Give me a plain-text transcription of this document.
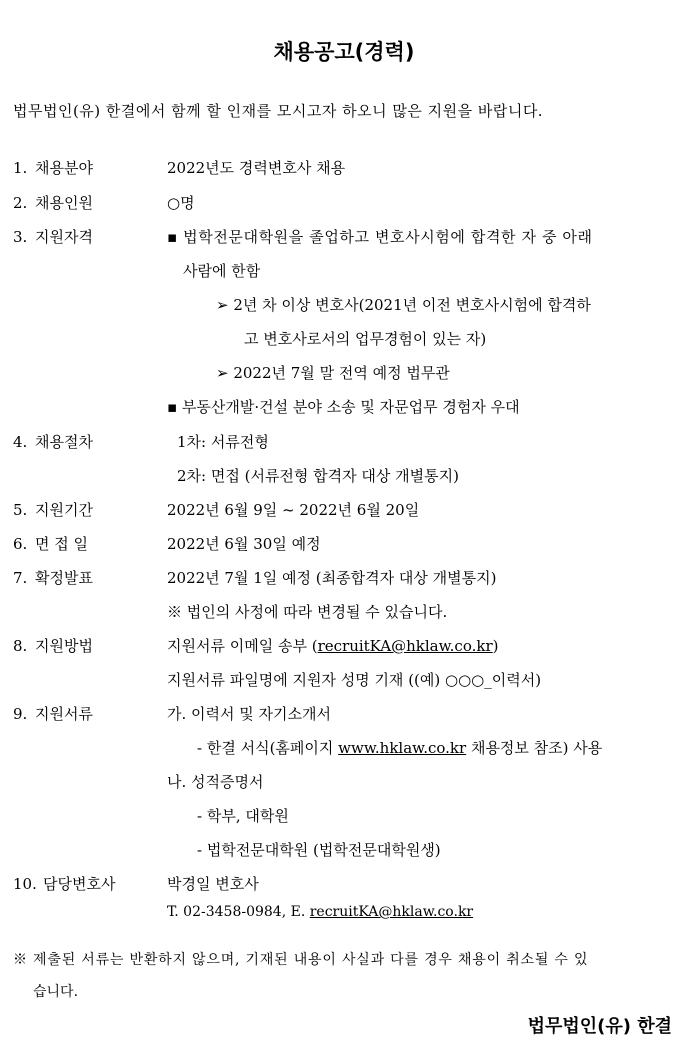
채용공고(경력)
법무법인(유) 한결에서 함께 할 인재를 모시고자 하오니 많은 지원을 바랍니다.
1. 채용분야	2022년도 경력변호사 채용
2. 채용인원	○명
3. 지원자격	▪ 법학전문대학원을 졸업하고 변호사시험에 합격한 자 중 아래
사람에 한함
➢ 2년 차 이상 변호사(2021년 이전 변호사시험에 합격하
고 변호사로서의 업무경험이 있는 자)
➢ 2022년 7월 말 전역 예정 법무관
▪ 부동산개발·건설 분야 소송 및 자문업무 경험자 우대
4. 채용절차	1차: 서류전형
2차: 면접 (서류전형 합격자 대상 개별통지)
5. 지원기간	2022년 6월 9일 ~ 2022년 6월 20일
6. 면 접 일	2022년 6월 30일 예정
7. 확정발표	2022년 7월 1일 예정 (최종합격자 대상 개별통지)
※ 법인의 사정에 따라 변경될 수 있습니다.
8. 지원방법	지원서류 이메일 송부 (recruitKA@hklaw.co.kr)
지원서류 파일명에 지원자 성명 기재 ((예) ○○○_이력서)
9. 지원서류	가. 이력서 및 자기소개서
- 한결 서식(홈페이지 www.hklaw.co.kr 채용정보 참조) 사용
나. 성적증명서
- 학부, 대학원
- 법학전문대학원 (법학전문대학원생)
10. 담당변호사	박경일 변호사
T. 02-3458-0984, E. recruitKA@hklaw.co.kr
※ 제출된 서류는 반환하지 않으며, 기재된 내용이 사실과 다를 경우 채용이 취소될 수 있
습니다.
법무법인(유) 한결
